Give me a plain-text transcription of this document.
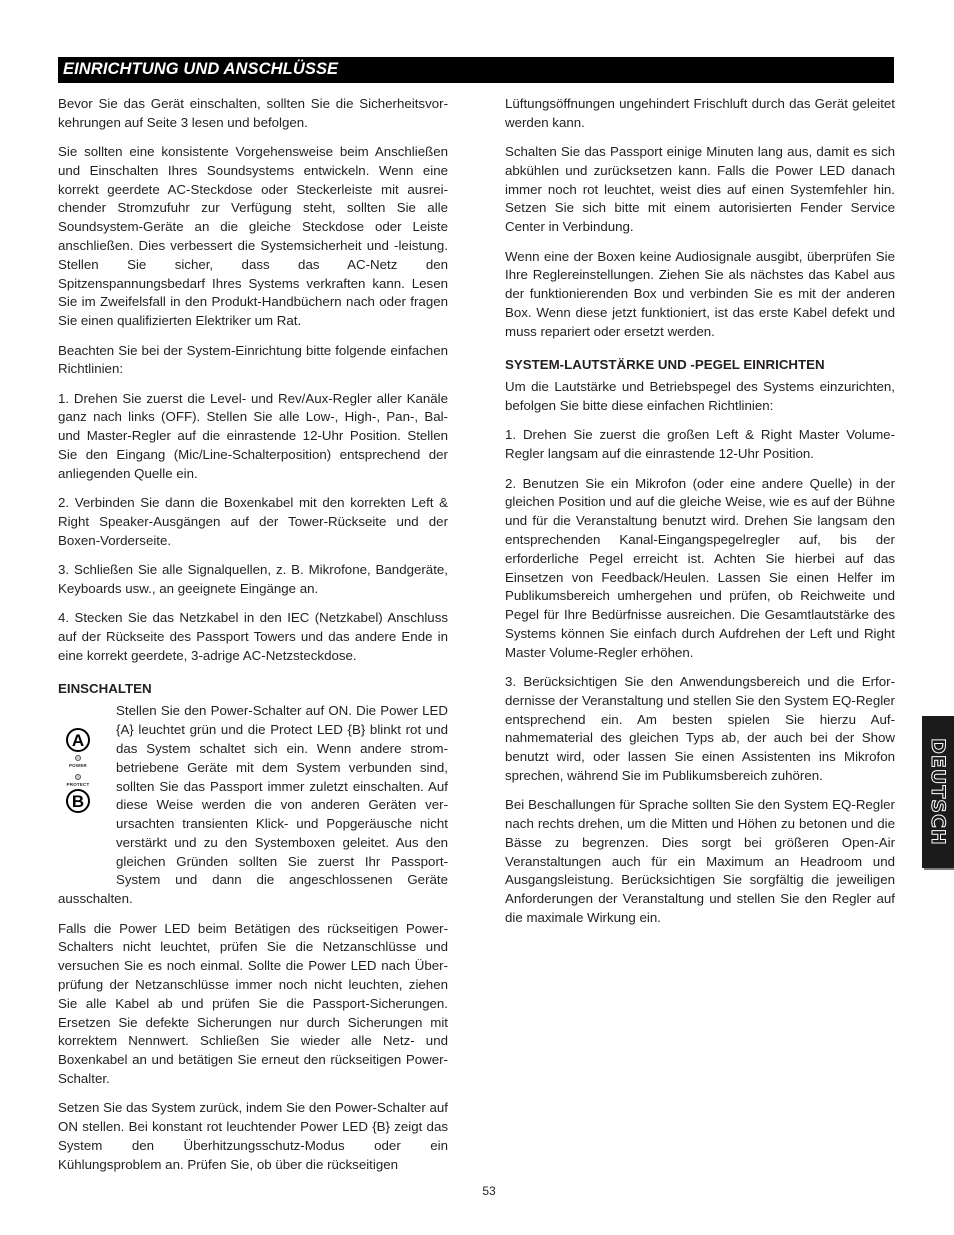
EINRICHTUNG UND ANSCHLÜSSE

Bevor Sie das Gerät einschalten, sollten Sie die Sicherheitsvorkehrungen auf Seite 3 lesen und befolgen.

Sie sollten eine konsistente Vorgehensweise beim Anschließen und Einschalten Ihres Soundsystems entwickeln. Wenn eine korrekt geerdete AC-Steckdose oder Steckerleiste mit ausreichender Stromzufuhr zur Verfügung steht, sollten Sie alle Soundsystem-Geräte an die gleiche Steckdose oder Leiste anschließen. Dies verbessert die Systemsicherheit und -leistung. Stellen Sie sicher, dass das AC-Netz den Spitzenspannungsbedarf Ihres Systems verkraften kann. Lesen Sie im Zweifelsfall in den Produkt-Handbüchern nach oder fragen Sie einen qualifizierten Elektriker um Rat.

Beachten Sie bei der System-Einrichtung bitte folgende einfachen Richtlinien:

1. Drehen Sie zuerst die Level- und Rev/Aux-Regler aller Kanäle ganz nach links (OFF). Stellen Sie alle Low-, High-, Pan-, Bal- und Master-Regler auf die einrastende 12-Uhr Position. Stellen Sie den Eingang (Mic/Line-Schalterposition) entsprechend der anliegenden Quelle ein.

2. Verbinden Sie dann die Boxenkabel mit den korrekten Left & Right Speaker-Ausgängen auf der Tower-Rückseite und der Boxen-Vorderseite.

3. Schließen Sie alle Signalquellen, z. B. Mikrofone, Bandgeräte, Keyboards usw., an geeignete Eingänge an.

4. Stecken Sie das Netzkabel in den IEC (Netzkabel) Anschluss auf der Rückseite des Passport Towers und das andere Ende in eine korrekt geerdete, 3-adrige AC-Netzsteckdose.

EINSCHALTEN
A
POWER
PROTECT
B

Stellen Sie den Power-Schalter auf ON. Die Power LED {A} leuchtet grün und die Protect LED {B} blinkt rot und das System schaltet sich ein. Wenn andere strombetriebene Geräte mit dem System verbunden sind, sollten Sie das Passport immer zuletzt einschalten. Auf diese Weise werden die von anderen Geräten verursachten transienten Klick- und Popgeräusche nicht verstärkt und zu den Systemboxen geleitet. Aus den gleichen Gründen sollten Sie zuerst Ihr Passport-System und dann die angeschlossenen Geräte ausschalten.

Falls die Power LED beim Betätigen des rückseitigen Power-Schalters nicht leuchtet, prüfen Sie die Netzanschlüsse und versuchen Sie es noch einmal. Sollte die Power LED nach Überprüfung der Netzanschlüsse immer noch nicht leuchten, ziehen Sie alle Kabel ab und prüfen Sie die Passport-Sicherungen. Ersetzen Sie defekte Sicherungen nur durch Sicherungen mit korrektem Nennwert. Schließen Sie wieder alle Netz- und Boxenkabel an und betätigen Sie erneut den rückseitigen Power-Schalter.

Setzen Sie das System zurück, indem Sie den Power-Schalter auf ON stellen. Bei konstant rot leuchtender Power LED {B} zeigt das System den Überhitzungsschutz-Modus oder ein Kühlungsproblem an. Prüfen Sie, ob über die rückseitigen

Lüftungsöffnungen ungehindert Frischluft durch das Gerät geleitet werden kann.

Schalten Sie das Passport einige Minuten lang aus, damit es sich abkühlen und zurücksetzen kann. Falls die Power LED danach immer noch rot leuchtet, weist dies auf einen Systemfehler hin. Setzen Sie sich bitte mit einem autorisierten Fender Service Center in Verbindung.

Wenn eine der Boxen keine Audiosignale ausgibt, überprüfen Sie Ihre Reglereinstellungen. Ziehen Sie als nächstes das Kabel aus der funktionierenden Box und verbinden Sie es mit der anderen Box. Wenn diese jetzt funktioniert, ist das erste Kabel defekt und muss repariert oder ersetzt werden.

SYSTEM-LAUTSTÄRKE UND -PEGEL EINRICHTEN

Um die Lautstärke und Betriebspegel des Systems einzurichten, befolgen Sie bitte diese einfachen Richtlinien:

1. Drehen Sie zuerst die großen Left & Right Master Volume-Regler langsam auf die einrastende 12-Uhr Position.

2. Benutzen Sie ein Mikrofon (oder eine andere Quelle) in der gleichen Position und auf die gleiche Weise, wie es auf der Bühne und für die Veranstaltung benutzt wird. Drehen Sie langsam den entsprechenden Kanal-Eingangspegelregler auf, bis der erforderliche Pegel erreicht ist. Achten Sie hierbei auf das Einsetzen von Feedback/Heulen. Lassen Sie einen Helfer im Publikumsbereich umhergehen und prüfen, ob Reichweite und Pegel für Ihre Bedürfnisse ausreichen. Die Gesamtlautstärke des Systems können Sie einfach durch Aufdrehen der Left und Right Master Volume-Regler erhöhen.

3. Berücksichtigen Sie den Anwendungsbereich und die Erfordernisse der Veranstaltung und stellen Sie den System EQ-Regler entsprechend ein. Am besten spielen Sie hierzu Aufnahmematerial des gleichen Typs ab, der auch bei der Show benutzt wird, oder lassen Sie einen Assistenten ins Mikrofon sprechen, während Sie im Publikumsbereich zuhören.

Bei Beschallungen für Sprache sollten Sie den System EQ-Regler nach rechts drehen, um die Mitten und Höhen zu betonen und die Bässe zu begrenzen. Dies sorgt bei größeren Open-Air Veranstaltungen auch für ein Maximum an Headroom und Ausgangsleistung. Berücksichtigen Sie sorgfältig die jeweiligen Anforderungen der Veranstaltung und stellen Sie den Regler auf die maximale Wirkung ein.

DEUTSCH
53
